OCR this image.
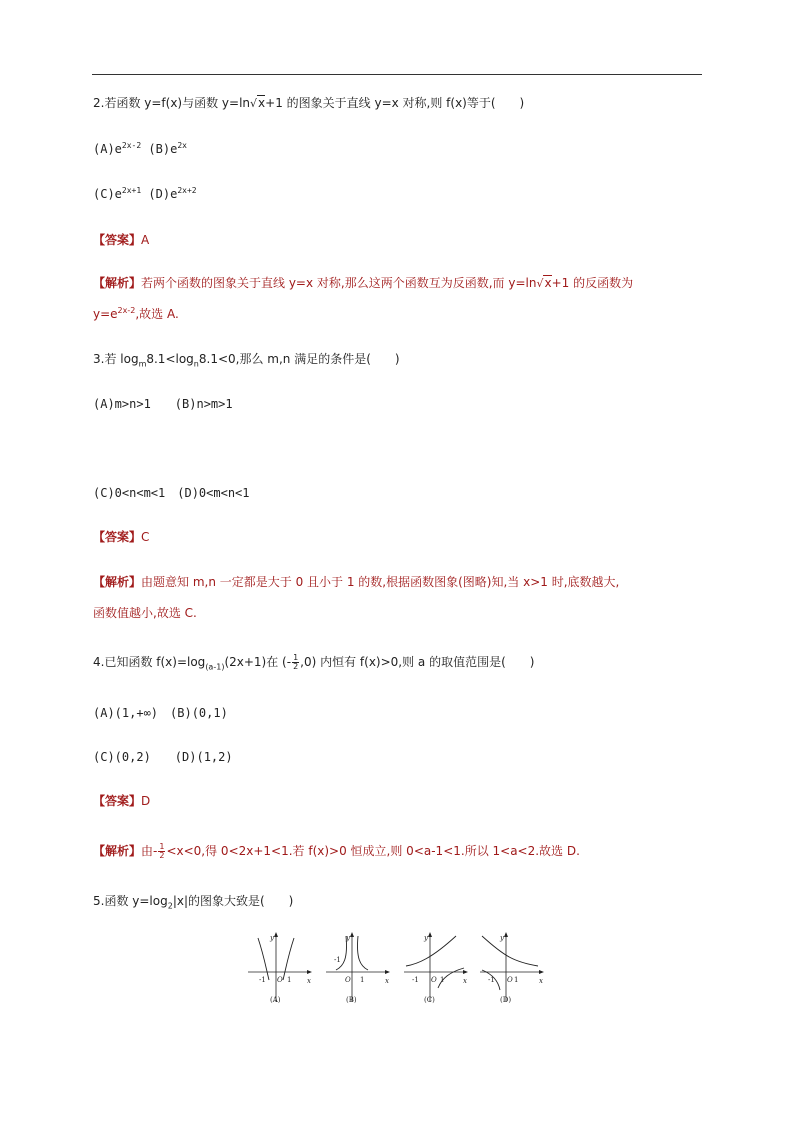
2.若函数 y=f(x)与函数 y=ln√x+1 的图象关于直线 y=x 对称,则 f(x)等于(　　)
$(A)e^{2x-2}$ $(B)e^{2x}$
$(C)e^{2x+1}$ $(D)e^{2x+2}$
【答案】A
【解析】若两个函数的图象关于直线 y=x 对称,那么这两个函数互为反函数,而 y=ln√x+1 的反函数为
$y=e^{2x-2}$,故选 A.
3.若 $\log_m8.1<\log_n8.1<0$,那么 m,n 满足的条件是(　　)
(A)m>n>1　　(B)n>m>1
(C)0<n<m<1　(D)0<m<n<1
【答案】C
【解析】由题意知 m,n 一定都是大于 0 且小于 1 的数,根据函数图象(图略)知,当 x>1 时,底数越大,
函数值越小,故选 C.
4.已知函数 $f(x)=\log_{(a-1)}(2x+1)$在 (- $\frac{1}{2} ,0$) 内恒有 f(x)>0,则 a 的取值范围是(　　)
(A)(1,+∞)　(B)(0,1)
(C)(0,2)　　(D)(1,2)
【答案】D
【解析】由- $\frac{1}{2} <x<0$,得 0<2x+1<1.若 f(x)>0 恒成立,则 0<a-1<1.所以 1<a<2.故选 D.
5.函数 $y=\log_2|x|$的图象大致是(　　)
y
x
-1 O 1
(A)
y
x
-1
O 1
(B)
y
x
-1 O 1
(C)
y
x
-1 O 1
(D)
